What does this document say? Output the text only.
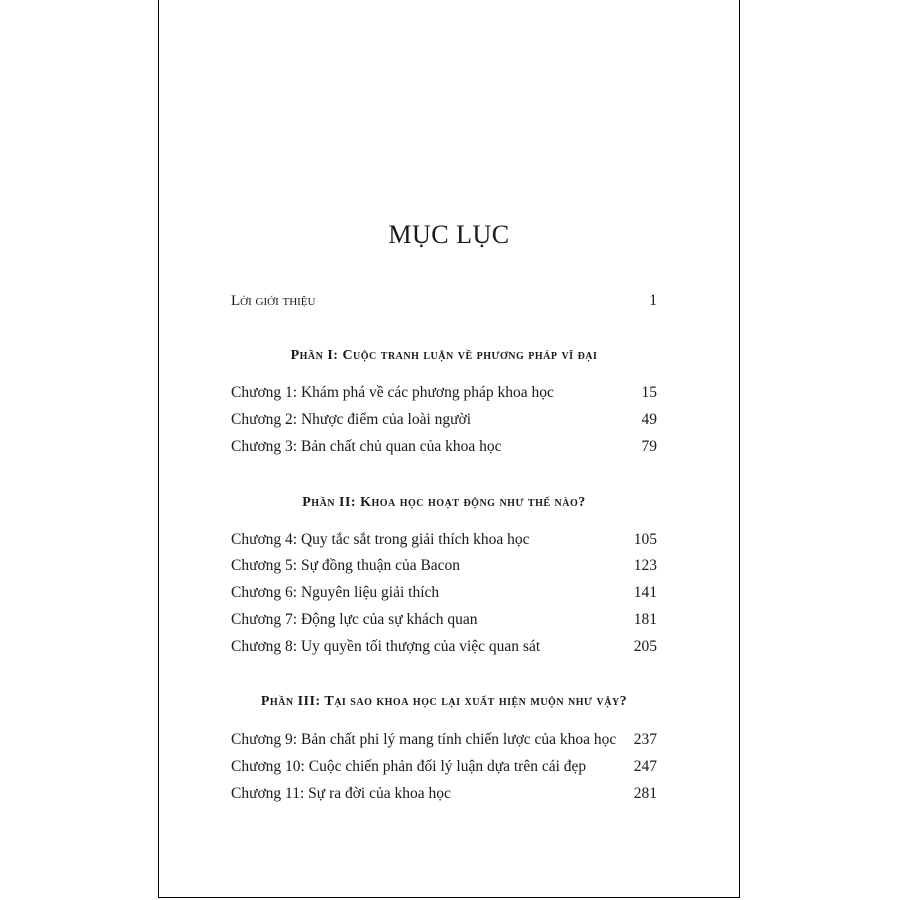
MỤC LỤC
Lời giới thiệu	1
Phần I: Cuộc tranh luận về phương pháp vĩ đại
Chương 1: Khám phá về các phương pháp khoa học	15
Chương 2: Nhược điểm của loài người	49
Chương 3: Bản chất chủ quan của khoa học	79
Phần II: Khoa học hoạt động như thế nào?
Chương 4: Quy tắc sắt trong giải thích khoa học	105
Chương 5: Sự đồng thuận của Bacon	123
Chương 6: Nguyên liệu giải thích	141
Chương 7: Động lực của sự khách quan	181
Chương 8: Uy quyền tối thượng của việc quan sát	205
Phần III: Tại sao khoa học lại xuất hiện muộn như vậy?
Chương 9: Bản chất phi lý mang tính chiến lược của khoa học 237
Chương 10: Cuộc chiến phản đối lý luận dựa trên cái đẹp	247
Chương 11: Sự ra đời của khoa học	281
